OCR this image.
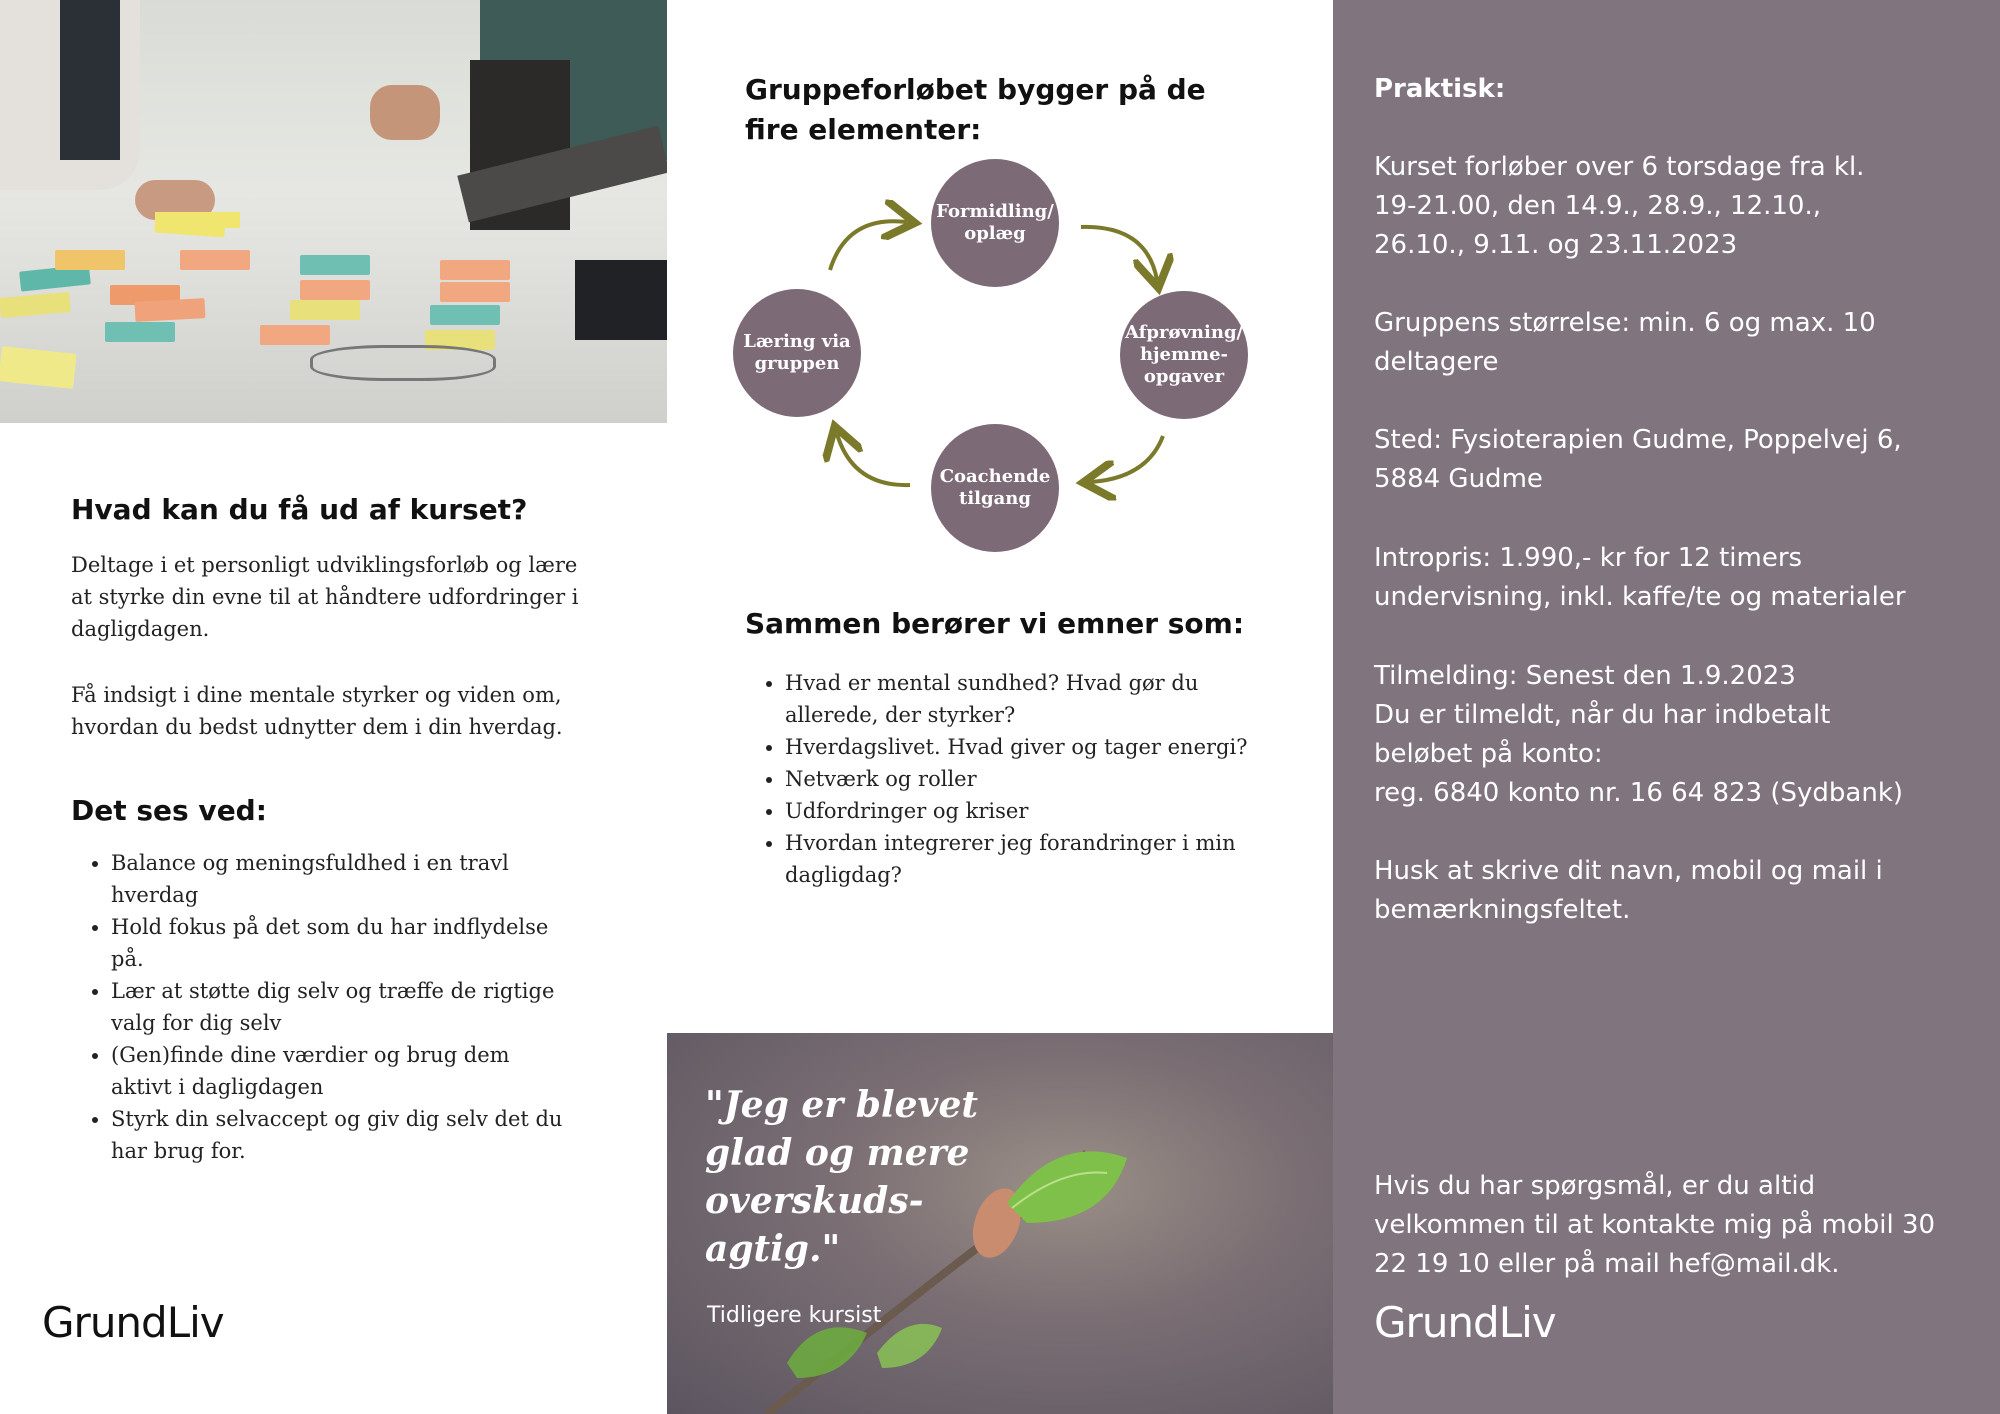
Hvad kan du få ud af kurset?

Deltage i et personligt udviklingsforløb og lære at styrke din evne til at håndtere udfordringer i dagligdagen.

Få indsigt i dine mentale styrker og viden om, hvordan du bedst udnytter dem i din hverdag.

Det ses ved:
• Balance og meningsfuldhed i en travl hverdag
• Hold fokus på det som du har indflydelse på.
• Lær at støtte dig selv og træffe de rigtige valg for dig selv
• (Gen)finde dine værdier og brug dem aktivt i dagligdagen
• Styrk din selvaccept og giv dig selv det du har brug for.
GrundLiv
Gruppeforløbet bygger på de fire elementer:
Formidling/ oplæg
Afprøvning/ hjemme- opgaver
Coachende tilgang
Læring via gruppen
Sammen berører vi emner som:
• Hvad er mental sundhed? Hvad gør du allerede, der styrker?
• Hverdagslivet. Hvad giver og tager energi?
• Netværk og roller
• Udfordringer og kriser
• Hvordan integrerer jeg forandringer i min dagligdag?

"Jeg er blevet glad og mere overskuds- agtig."

Tidligere kursist

Praktisk:

Kurset forløber over 6 torsdage fra kl. 19-21.00, den 14.9., 28.9., 12.10., 26.10., 9.11. og 23.11.2023

Gruppens størrelse: min. 6 og max. 10 deltagere

Sted: Fysioterapien Gudme, Poppelvej 6, 5884 Gudme

Intropris: 1.990,- kr for 12 timers undervisning, inkl. kaffe/te og materialer

Tilmelding: Senest den 1.9.2023

Du er tilmeldt, når du har indbetalt beløbet på konto:

reg. 6840 konto nr. 16 64 823 (Sydbank)

Husk at skrive dit navn, mobil og mail i bemærkningsfeltet.

Hvis du har spørgsmål, er du altid velkommen til at kontakte mig på mobil 30 22 19 10 eller på mail hef@mail.dk.

GrundLiv
